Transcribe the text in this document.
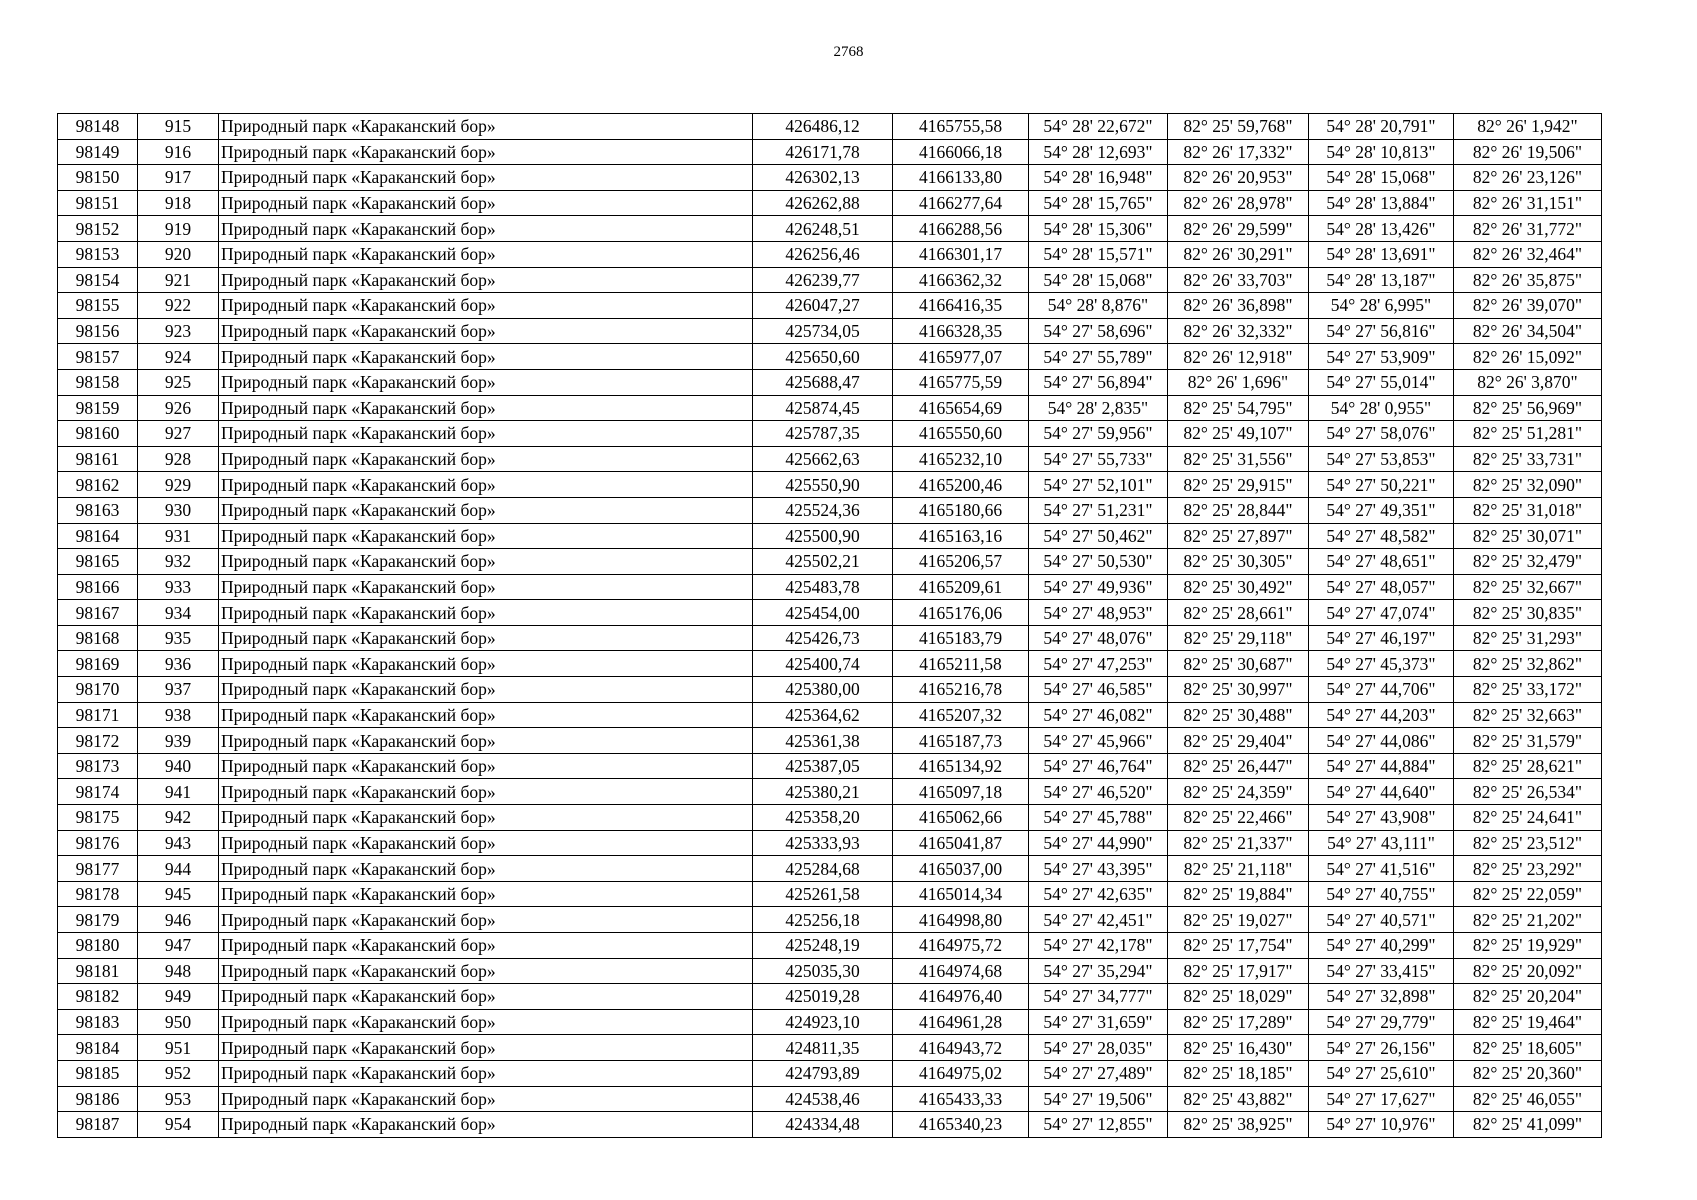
2768
98148	915	Природный парк «Караканский бор»	426486,12	4165755,58	54° 28' 22,672"	82° 25' 59,768"	54° 28' 20,791"	82° 26' 1,942"
98149	916	Природный парк «Караканский бор»	426171,78	4166066,18	54° 28' 12,693"	82° 26' 17,332"	54° 28' 10,813"	82° 26' 19,506"
98150	917	Природный парк «Караканский бор»	426302,13	4166133,80	54° 28' 16,948"	82° 26' 20,953"	54° 28' 15,068"	82° 26' 23,126"
98151	918	Природный парк «Караканский бор»	426262,88	4166277,64	54° 28' 15,765"	82° 26' 28,978"	54° 28' 13,884"	82° 26' 31,151"
98152	919	Природный парк «Караканский бор»	426248,51	4166288,56	54° 28' 15,306"	82° 26' 29,599"	54° 28' 13,426"	82° 26' 31,772"
98153	920	Природный парк «Караканский бор»	426256,46	4166301,17	54° 28' 15,571"	82° 26' 30,291"	54° 28' 13,691"	82° 26' 32,464"
98154	921	Природный парк «Караканский бор»	426239,77	4166362,32	54° 28' 15,068"	82° 26' 33,703"	54° 28' 13,187"	82° 26' 35,875"
98155	922	Природный парк «Караканский бор»	426047,27	4166416,35	54° 28' 8,876"	82° 26' 36,898"	54° 28' 6,995"	82° 26' 39,070"
98156	923	Природный парк «Караканский бор»	425734,05	4166328,35	54° 27' 58,696"	82° 26' 32,332"	54° 27' 56,816"	82° 26' 34,504"
98157	924	Природный парк «Караканский бор»	425650,60	4165977,07	54° 27' 55,789"	82° 26' 12,918"	54° 27' 53,909"	82° 26' 15,092"
98158	925	Природный парк «Караканский бор»	425688,47	4165775,59	54° 27' 56,894"	82° 26' 1,696"	54° 27' 55,014"	82° 26' 3,870"
98159	926	Природный парк «Караканский бор»	425874,45	4165654,69	54° 28' 2,835"	82° 25' 54,795"	54° 28' 0,955"	82° 25' 56,969"
98160	927	Природный парк «Караканский бор»	425787,35	4165550,60	54° 27' 59,956"	82° 25' 49,107"	54° 27' 58,076"	82° 25' 51,281"
98161	928	Природный парк «Караканский бор»	425662,63	4165232,10	54° 27' 55,733"	82° 25' 31,556"	54° 27' 53,853"	82° 25' 33,731"
98162	929	Природный парк «Караканский бор»	425550,90	4165200,46	54° 27' 52,101"	82° 25' 29,915"	54° 27' 50,221"	82° 25' 32,090"
98163	930	Природный парк «Караканский бор»	425524,36	4165180,66	54° 27' 51,231"	82° 25' 28,844"	54° 27' 49,351"	82° 25' 31,018"
98164	931	Природный парк «Караканский бор»	425500,90	4165163,16	54° 27' 50,462"	82° 25' 27,897"	54° 27' 48,582"	82° 25' 30,071"
98165	932	Природный парк «Караканский бор»	425502,21	4165206,57	54° 27' 50,530"	82° 25' 30,305"	54° 27' 48,651"	82° 25' 32,479"
98166	933	Природный парк «Караканский бор»	425483,78	4165209,61	54° 27' 49,936"	82° 25' 30,492"	54° 27' 48,057"	82° 25' 32,667"
98167	934	Природный парк «Караканский бор»	425454,00	4165176,06	54° 27' 48,953"	82° 25' 28,661"	54° 27' 47,074"	82° 25' 30,835"
98168	935	Природный парк «Караканский бор»	425426,73	4165183,79	54° 27' 48,076"	82° 25' 29,118"	54° 27' 46,197"	82° 25' 31,293"
98169	936	Природный парк «Караканский бор»	425400,74	4165211,58	54° 27' 47,253"	82° 25' 30,687"	54° 27' 45,373"	82° 25' 32,862"
98170	937	Природный парк «Караканский бор»	425380,00	4165216,78	54° 27' 46,585"	82° 25' 30,997"	54° 27' 44,706"	82° 25' 33,172"
98171	938	Природный парк «Караканский бор»	425364,62	4165207,32	54° 27' 46,082"	82° 25' 30,488"	54° 27' 44,203"	82° 25' 32,663"
98172	939	Природный парк «Караканский бор»	425361,38	4165187,73	54° 27' 45,966"	82° 25' 29,404"	54° 27' 44,086"	82° 25' 31,579"
98173	940	Природный парк «Караканский бор»	425387,05	4165134,92	54° 27' 46,764"	82° 25' 26,447"	54° 27' 44,884"	82° 25' 28,621"
98174	941	Природный парк «Караканский бор»	425380,21	4165097,18	54° 27' 46,520"	82° 25' 24,359"	54° 27' 44,640"	82° 25' 26,534"
98175	942	Природный парк «Караканский бор»	425358,20	4165062,66	54° 27' 45,788"	82° 25' 22,466"	54° 27' 43,908"	82° 25' 24,641"
98176	943	Природный парк «Караканский бор»	425333,93	4165041,87	54° 27' 44,990"	82° 25' 21,337"	54° 27' 43,111"	82° 25' 23,512"
98177	944	Природный парк «Караканский бор»	425284,68	4165037,00	54° 27' 43,395"	82° 25' 21,118"	54° 27' 41,516"	82° 25' 23,292"
98178	945	Природный парк «Караканский бор»	425261,58	4165014,34	54° 27' 42,635"	82° 25' 19,884"	54° 27' 40,755"	82° 25' 22,059"
98179	946	Природный парк «Караканский бор»	425256,18	4164998,80	54° 27' 42,451"	82° 25' 19,027"	54° 27' 40,571"	82° 25' 21,202"
98180	947	Природный парк «Караканский бор»	425248,19	4164975,72	54° 27' 42,178"	82° 25' 17,754"	54° 27' 40,299"	82° 25' 19,929"
98181	948	Природный парк «Караканский бор»	425035,30	4164974,68	54° 27' 35,294"	82° 25' 17,917"	54° 27' 33,415"	82° 25' 20,092"
98182	949	Природный парк «Караканский бор»	425019,28	4164976,40	54° 27' 34,777"	82° 25' 18,029"	54° 27' 32,898"	82° 25' 20,204"
98183	950	Природный парк «Караканский бор»	424923,10	4164961,28	54° 27' 31,659"	82° 25' 17,289"	54° 27' 29,779"	82° 25' 19,464"
98184	951	Природный парк «Караканский бор»	424811,35	4164943,72	54° 27' 28,035"	82° 25' 16,430"	54° 27' 26,156"	82° 25' 18,605"
98185	952	Природный парк «Караканский бор»	424793,89	4164975,02	54° 27' 27,489"	82° 25' 18,185"	54° 27' 25,610"	82° 25' 20,360"
98186	953	Природный парк «Караканский бор»	424538,46	4165433,33	54° 27' 19,506"	82° 25' 43,882"	54° 27' 17,627"	82° 25' 46,055"
98187	954	Природный парк «Караканский бор»	424334,48	4165340,23	54° 27' 12,855"	82° 25' 38,925"	54° 27' 10,976"	82° 25' 41,099"
